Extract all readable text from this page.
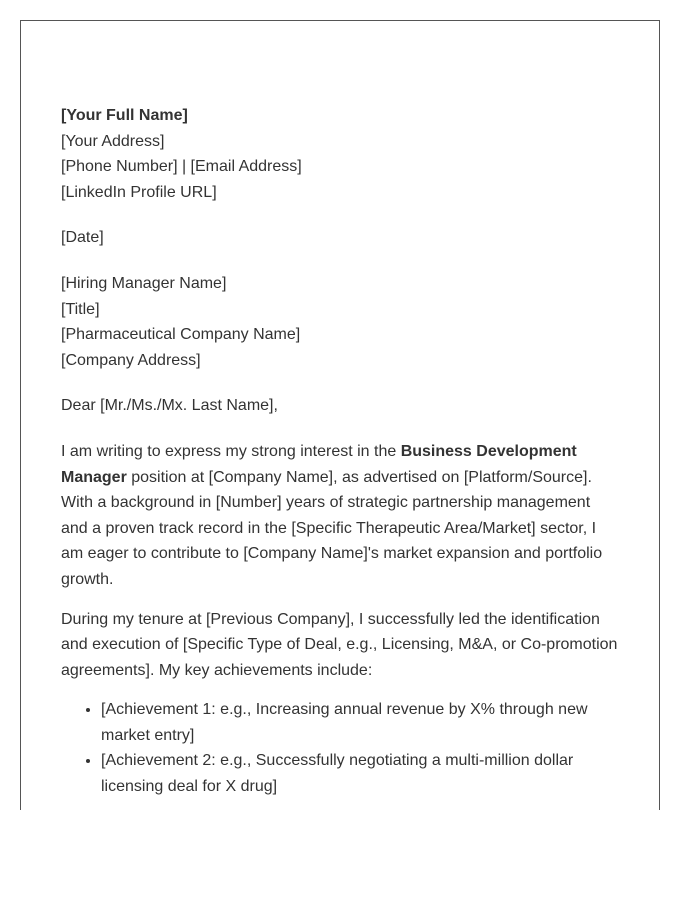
[Your Full Name]
[Your Address]
[Phone Number] | [Email Address]
[LinkedIn Profile URL]
[Date]
[Hiring Manager Name]
[Title]
[Pharmaceutical Company Name]
[Company Address]
Dear [Mr./Ms./Mx. Last Name],

I am writing to express my strong interest in the Business Development Manager position at [Company Name], as advertised on [Platform/Source]. With a background in [Number] years of strategic partnership management and a proven track record in the [Specific Therapeutic Area/Market] sector, I am eager to contribute to [Company Name]'s market expansion and portfolio growth.

During my tenure at [Previous Company], I successfully led the identification and execution of [Specific Type of Deal, e.g., Licensing, M&A, or Co-promotion agreements]. My key achievements include:

• [Achievement 1: e.g., Increasing annual revenue by X% through new market entry]
• [Achievement 2: e.g., Successfully negotiating a multi-million dollar licensing deal for X drug]
